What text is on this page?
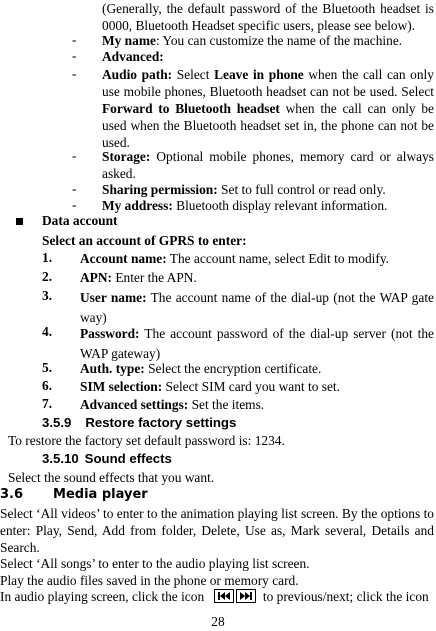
(Generally, the default password of the Bluetooth headset is 0000, Bluetooth Headset specific users, please see below).
-	My name: You can customize the name of the machine.
-	Advanced:
-	Audio path: Select Leave in phone when the call can only use mobile phones, Bluetooth headset can not be used. Select Forward to Bluetooth headset when the call can only be used when the Bluetooth headset set in, the phone can not be used.
-	Storage: Optional mobile phones, memory card or always asked.
-	Sharing permission: Set to full control or read only.
-	My address: Bluetooth display relevant information.
Data account
Select an account of GPRS to enter:
1. Account name: The account name, select Edit to modify.
2. APN: Enter the APN.
3. User name: The account name of the dial-up (not the WAP gate way)
4. Password: The account password of the dial-up server (not the WAP gateway)
5. Auth. type: Select the encryption certificate.
6. SIM selection: Select SIM card you want to set.
7. Advanced settings: Set the items.
3.5.9 Restore factory settings
To restore the factory set default password is: 1234.
3.5.10 Sound effects
Select the sound effects that you want.
3.6 Media player
Select ‘All videos’ to enter to the animation playing list screen. By the options to enter: Play, Send, Add from folder, Delete, Use as, Mark several, Details and Search.
Select ‘All songs’ to enter to the audio playing list screen.
Play the audio files saved in the phone or memory card.
In audio playing screen, click the icon	to previous/next; click the icon
28
